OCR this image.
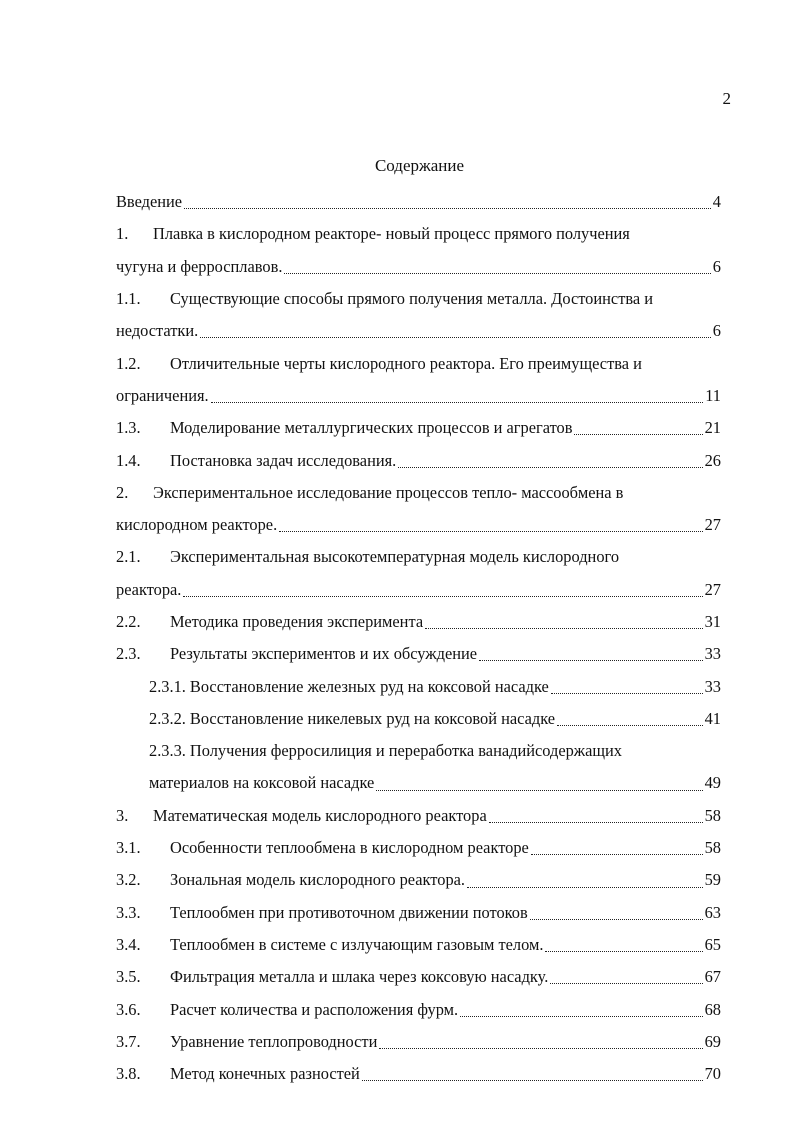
2
Содержание
Введение	4
1.	Плавка в кислородном реакторе- новый процесс прямого получения
чугуна и ферросплавов.	6
1.1.	Существующие способы прямого получения металла. Достоинства и
недостатки.	6
1.2.	Отличительные черты кислородного реактора. Его преимущества и
ограничения.	11
1.3.	Моделирование металлургических процессов и агрегатов	21
1.4.	Постановка задач исследования.	26
2.	Экспериментальное исследование процессов тепло- массообмена в
кислородном реакторе.	27
2.1.	Экспериментальная высокотемпературная модель кислородного
реактора.	27
2.2.	Методика проведения эксперимента	31
2.3.	Результаты экспериментов и их обсуждение	33
2.3.1. Восстановление железных руд на коксовой насадке	33
2.3.2. Восстановление никелевых руд на коксовой насадке	41
2.3.3. Получения ферросилиция и переработка ванадийсодержащих
материалов на коксовой насадке	49
3.	Математическая модель кислородного реактора	58
3.1.	Особенности теплообмена в кислородном реакторе	58
3.2.	Зональная модель кислородного реактора.	59
3.3.	Теплообмен при противоточном движении потоков	63
3.4.	Теплообмен в системе с излучающим газовым телом.	65
3.5.	Фильтрация металла и шлака через коксовую насадку.	67
3.6.	Расчет количества и расположения фурм.	68
3.7.	Уравнение теплопроводности	69
3.8.	Метод конечных разностей	70
